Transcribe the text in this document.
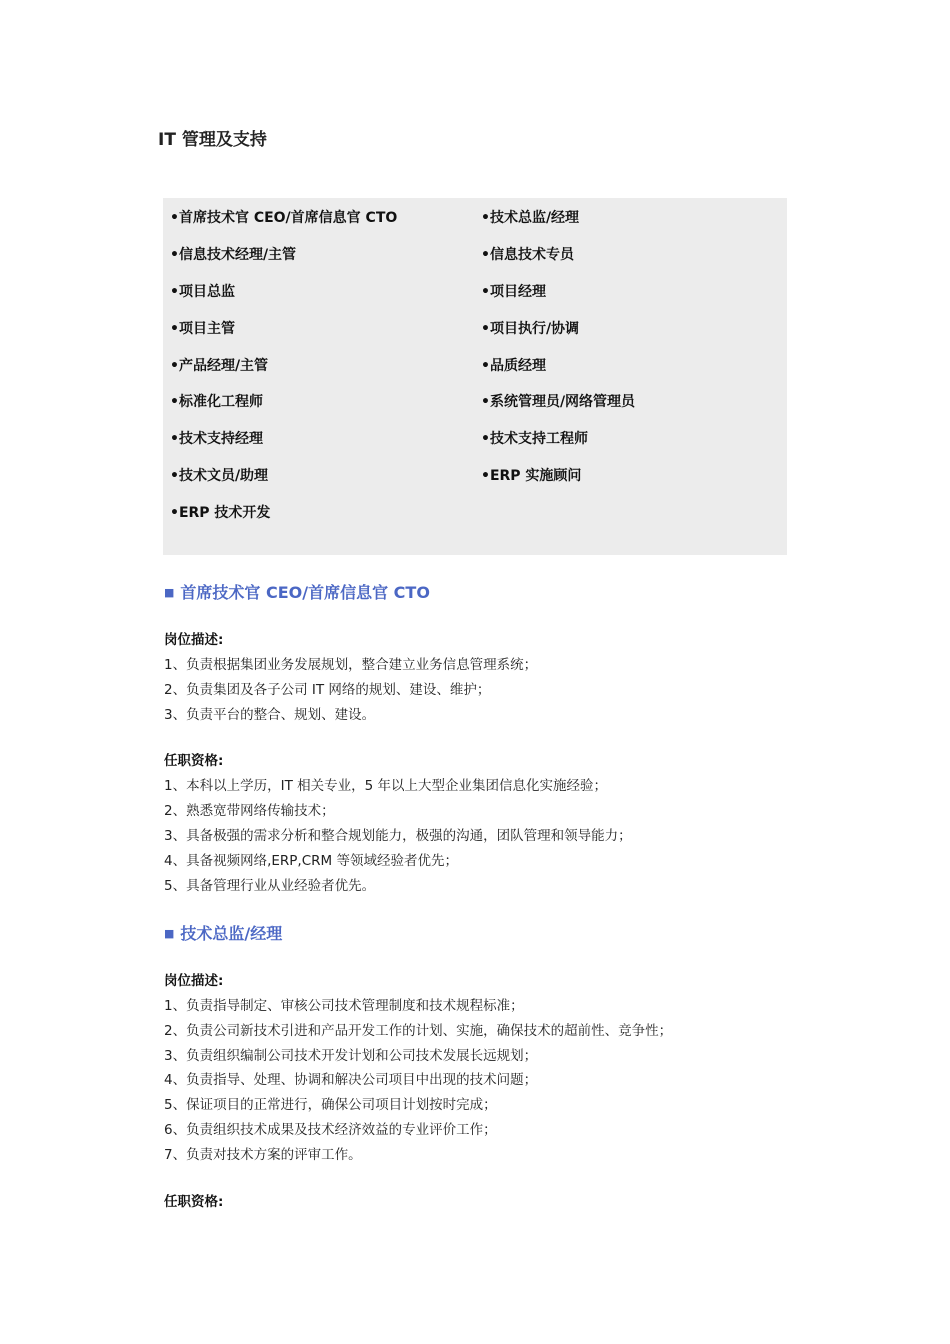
IT 管理及支持
•首席技术官 CEO/首席信息官 CTO
•信息技术经理/主管
•项目总监
•项目主管
•产品经理/主管
•标准化工程师
•技术支持经理
•技术文员/助理
•ERP 技术开发
•技术总监/经理
•信息技术专员
•项目经理
•项目执行/协调
•品质经理
•系统管理员/网络管理员
•技术支持工程师
•ERP 实施顾问
■ 首席技术官 CEO/首席信息官 CTO
岗位描述:
1、负责根据集团业务发展规划，整合建立业务信息管理系统；
2、负责集团及各子公司 IT 网络的规划、建设、维护；
3、负责平台的整合、规划、建设。
任职资格:
1、本科以上学历，IT 相关专业，5 年以上大型企业集团信息化实施经验；
2、熟悉宽带网络传输技术；
3、具备极强的需求分析和整合规划能力，极强的沟通，团队管理和领导能力；
4、具备视频网络,ERP,CRM 等领域经验者优先；
5、具备管理行业从业经验者优先。
■ 技术总监/经理
岗位描述:
1、负责指导制定、审核公司技术管理制度和技术规程标准；
2、负责公司新技术引进和产品开发工作的计划、实施，确保技术的超前性、竞争性；
3、负责组织编制公司技术开发计划和公司技术发展长远规划；
4、负责指导、处理、协调和解决公司项目中出现的技术问题；
5、保证项目的正常进行，确保公司项目计划按时完成；
6、负责组织技术成果及技术经济效益的专业评价工作；
7、负责对技术方案的评审工作。
任职资格:
